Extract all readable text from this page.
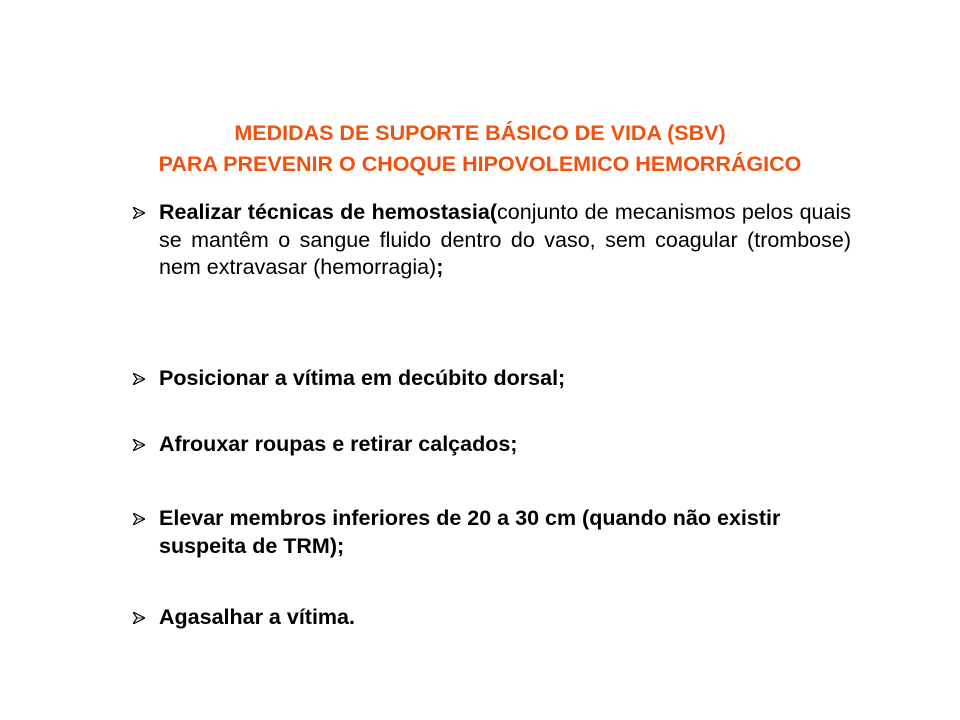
MEDIDAS DE SUPORTE BÁSICO DE VIDA (SBV)
PARA PREVENIR O CHOQUE HIPOVOLEMICO HEMORRÁGICO
Realizar técnicas de hemostasia(conjunto de mecanismos pelos quais se mantêm o sangue fluido dentro do vaso, sem coagular (trombose) nem extravasar (hemorragia);
Posicionar a vítima em decúbito dorsal;
Afrouxar roupas e retirar calçados;
Elevar membros inferiores de 20 a 30 cm (quando não existir suspeita de TRM);
Agasalhar a vítima.
